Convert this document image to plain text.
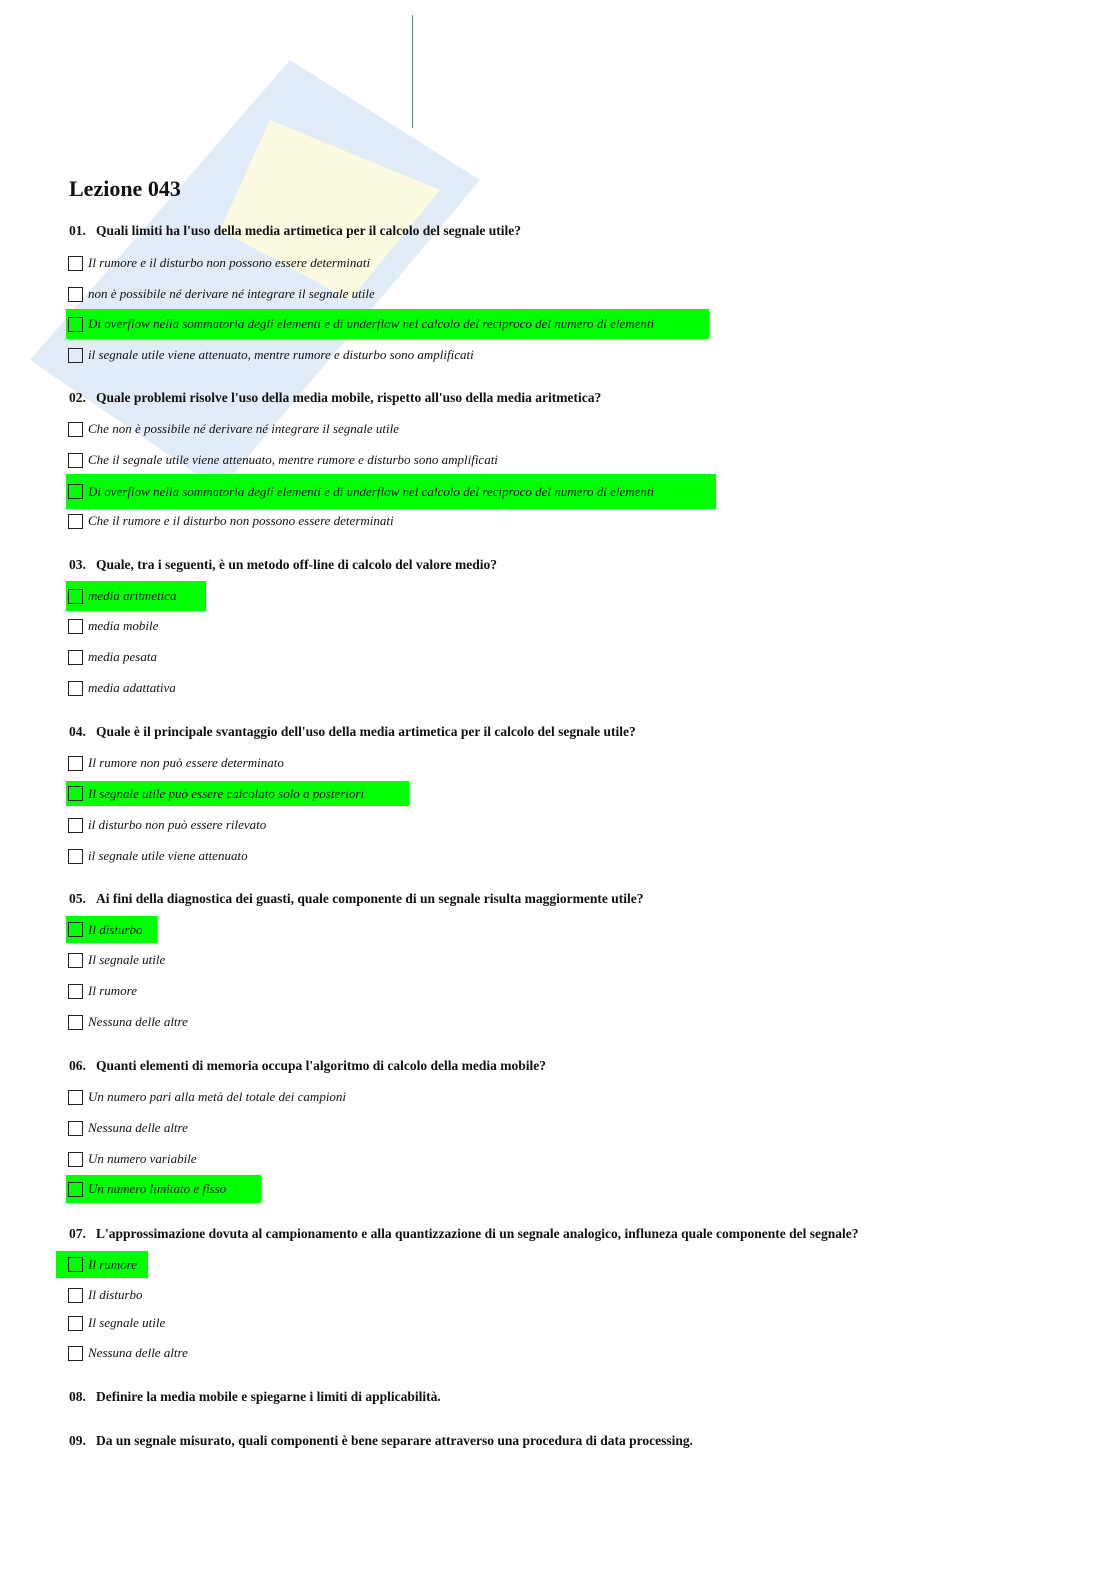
Lezione 043
01. Quali limiti ha l'uso della media artimetica per il calcolo del segnale utile?
Il rumore e il disturbo non possono essere determinati
non è possibile né derivare né integrare il segnale utile
Di overflow nella sommatoria degli elementi e di underflow nel calcolo del reciproco del numero di elementi
il segnale utile viene attenuato, mentre rumore e disturbo sono amplificati
02. Quale problemi risolve l'uso della media mobile, rispetto all'uso della media aritmetica?
Che non è possibile né derivare né integrare il segnale utile
Che il segnale utile viene attenuato, mentre rumore e disturbo sono amplificati
Di overflow nella sommatoria degli elementi e di underflow nel calcolo del reciproco del numero di elementi
Che il rumore e il disturbo non possono essere determinati
03. Quale, tra i seguenti, è un metodo off-line di calcolo del valore medio?
media aritmetica
media mobile
media pesata
media adattativa
04. Quale è il principale svantaggio dell'uso della media artimetica per il calcolo del segnale utile?
Il rumore non può essere determinato
Il segnale utile può essere calcolato solo a posteriori
il disturbo non può essere rilevato
il segnale utile viene attenuato
05. Ai fini della diagnostica dei guasti, quale componente di un segnale risulta maggiormente utile?
Il disturbo
Il segnale utile
Il rumore
Nessuna delle altre
06. Quanti elementi di memoria occupa l'algoritmo di calcolo della media mobile?
Un numero pari alla metà del totale dei campioni
Nessuna delle altre
Un numero variabile
Un numero limitato e fisso
07. L'approssimazione dovuta al campionamento e alla quantizzazione di un segnale analogico, influneza quale componente del segnale?
Il rumore
Il disturbo
Il segnale utile
Nessuna delle altre
08. Definire la media mobile e spiegarne i limiti di applicabilità.
09. Da un segnale misurato, quali componenti è bene separare attraverso una procedura di data processing.
